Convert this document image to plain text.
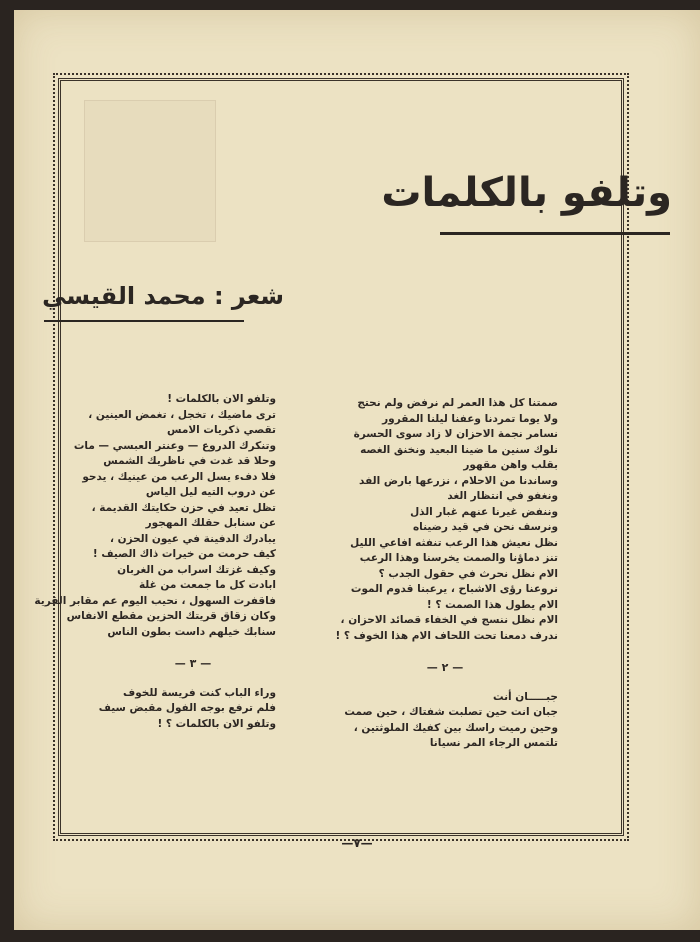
وتلفو بالكلمات
شعر : محمد القيسي
صمتنا كل هذا العمر لم نرفض ولم نحتج
ولا يوما تمردنا وعفنا ليلنا المقرور
نسامر نجمة الاحزان لا زاد سوى الحسرة
نلوك سنين ما ضينا البعيد ونخنق الغصه
بقلب واهن مقهور
وساندنا من الاحلام ، نزرعها بارض الفد
ونغفو في انتظار الغد
وننفض غيرنا عنهم غبار الذل
ونرسف نحن في قيد رضيناه
نظل نعيش هذا الرعب تنفثه افاعي الليل
تنز دماؤنا والصمت يخرسنا وهذا الرعب
الام نظل نحرث في حقول الجدب ؟
نروعنا رؤى الاشباح ، يرعبنا قدوم الموت
الام يطول هذا الصمت ؟ !
الام نظل ننسج في الخفاء قصائد الاحزان ،
ندرف دمعنا تحت اللحاف الام هذا الخوف ؟ !
— ٢ —
جبـــــان أنت
جبان انت حين تصلبت شفتاك ، حين صمت
وحين رميت راسك بين كفيك الملوثتين ،
تلتمس الرجاء المر نسيانا
وتلفو الان بالكلمات !
ترى ماضيك ، تخجل ، تغمض العينين ،
تقصي ذكريات الامس
وتنكرك الدروع — وعنتر العبسي — مات
وحلا قد غدت في ناظريك الشمس
فلا دفء يسل الرعب من عينيك ، يدحو
عن دروب التيه ليل الياس
تظل تعيد في حزن حكايتك القديمة ،
عن سنابل حقلك المهجور
يبادرك الدفينة في عيون الحزن ،
كيف حرمت من خيرات ذاك الصيف !
وكيف غزتك اسراب من الغربان
ابادت كل ما جمعت من غلة
فاقفرت السهول ، نحيب اليوم عم مقابر القرية
وكان زقاق قريتك الحزين مقطع الانفاس
سنابك خيلهم داست بطون الناس
— ٣ —
وراء الباب كنت فريسة للخوف
فلم ترفع بوجه الفول مقبض سيف
وتلفو الان بالكلمات ؟ !
—٧—
